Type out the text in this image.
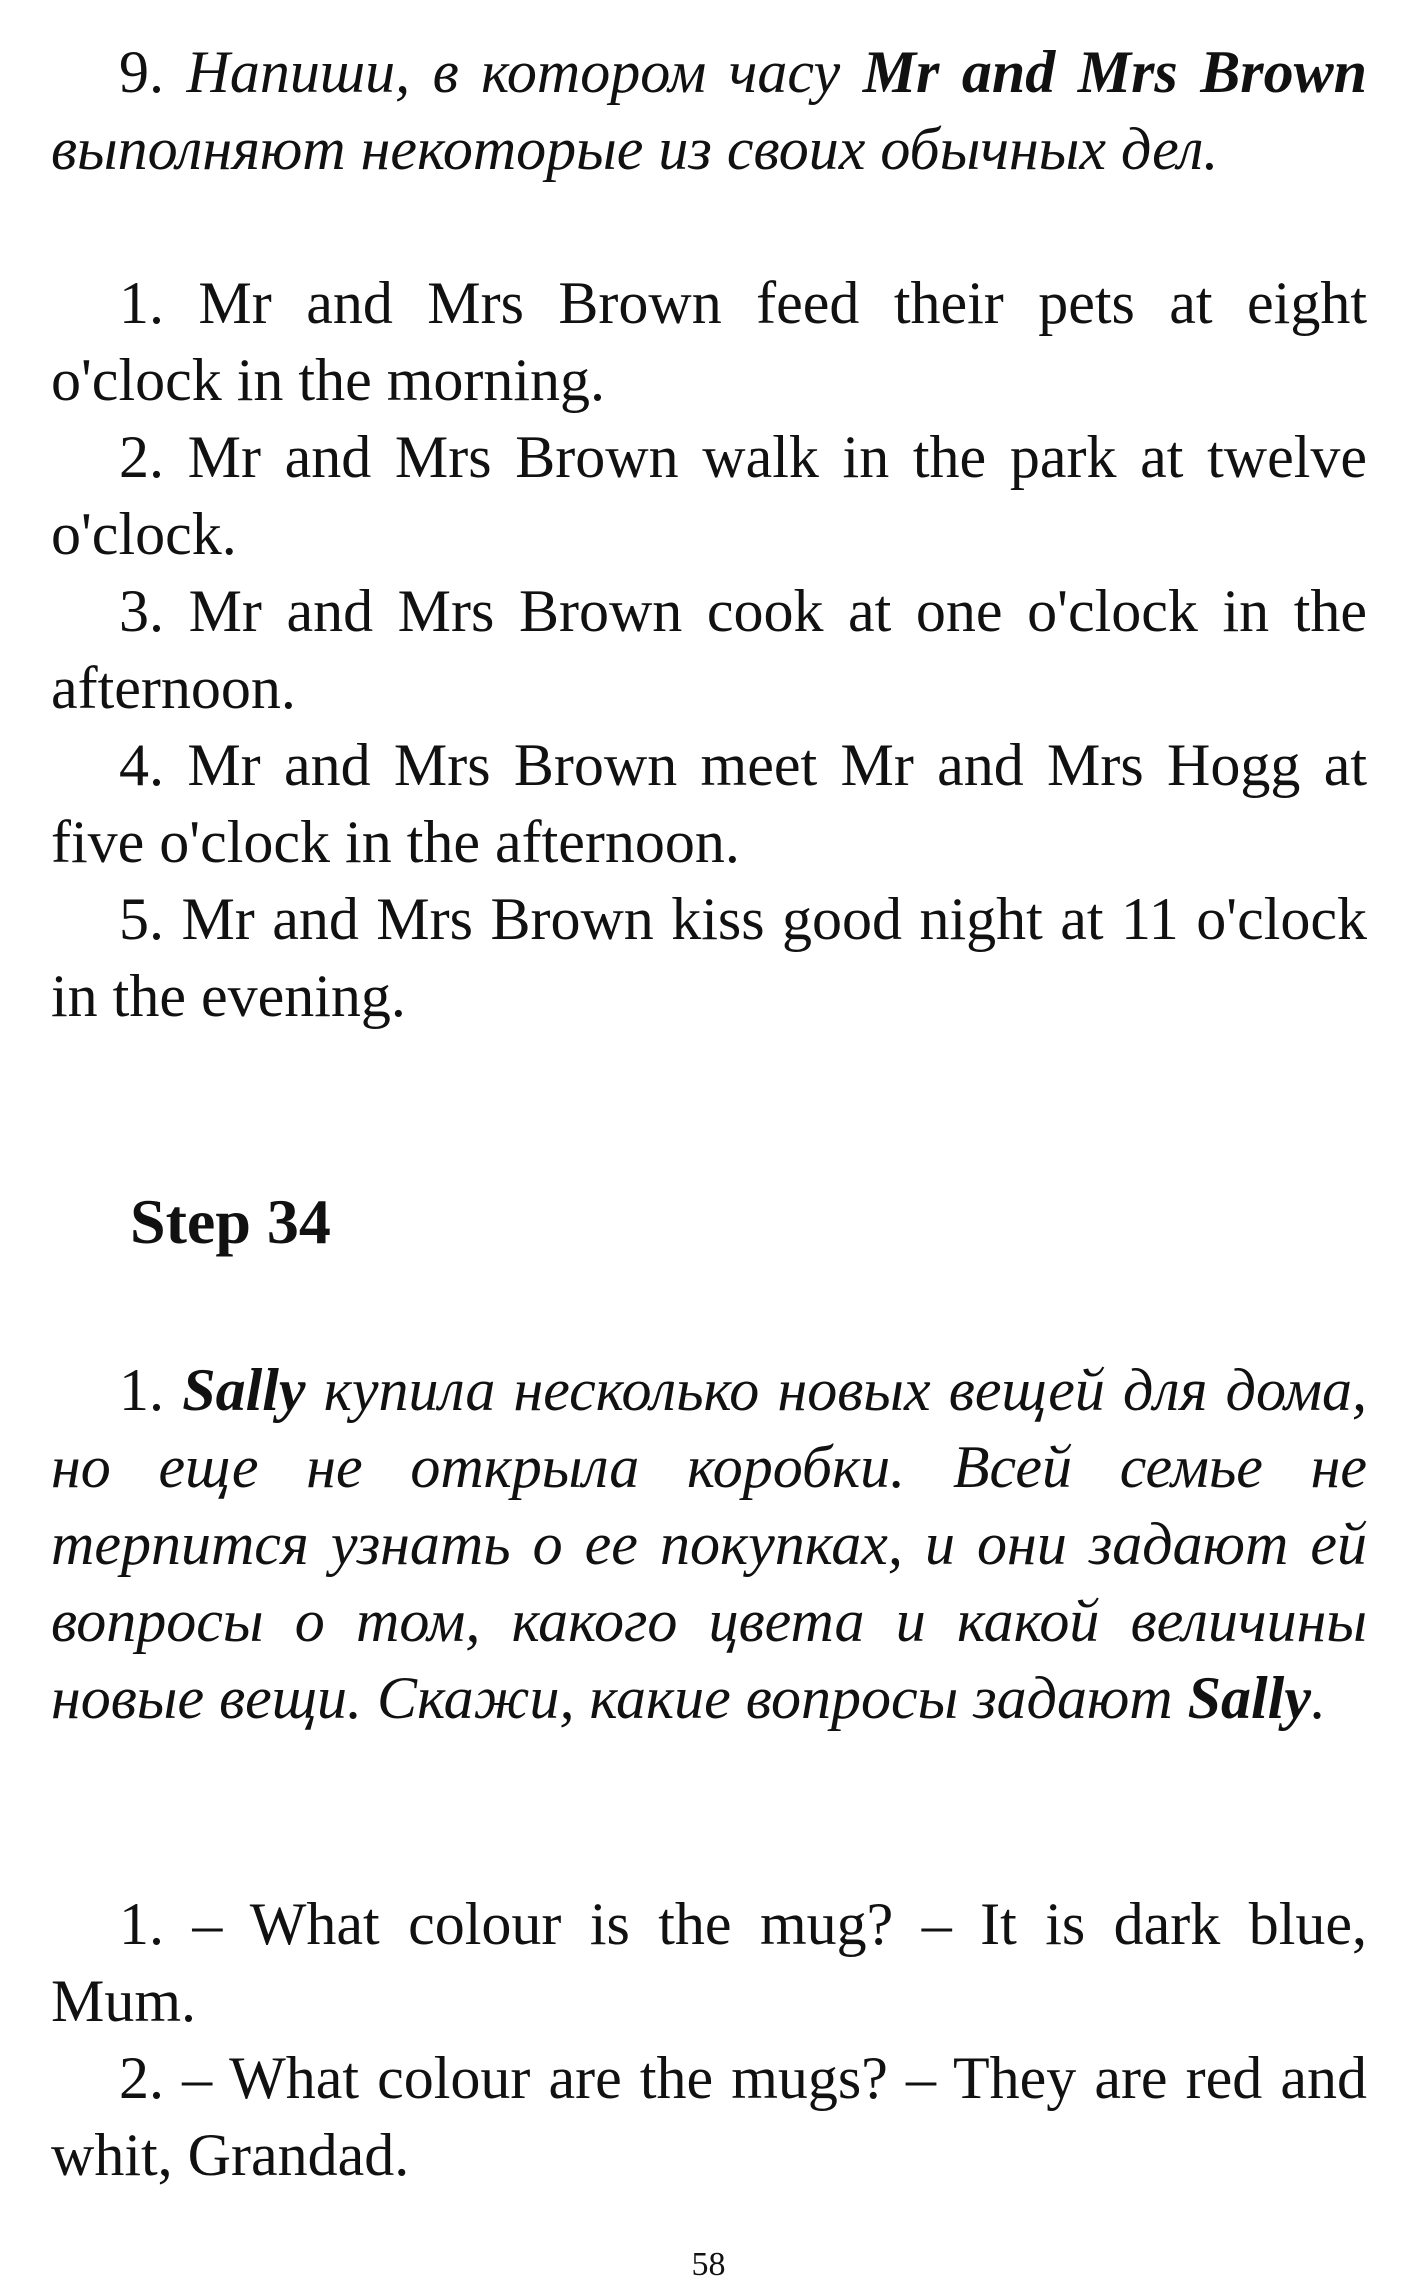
9. Напиши, в котором часу Mr and Mrs Brown выполняют некоторые из своих обычных дел.

1. Mr and Mrs Brown feed their pets at eight o'clock in the morning.

2. Mr and Mrs Brown walk in the park at twelve o'clock.

3. Mr and Mrs Brown cook at one o'clock in the afternoon.

4. Mr and Mrs Brown meet Mr and Mrs Hogg at five o'clock in the afternoon.

5. Mr and Mrs Brown kiss good night at 11 o'clock in the evening.

Step 34

1. Sally купила несколько новых вещей для дома, но еще не открыла коробки. Всей семье не терпится узнать о ее покупках, и они задают ей вопросы о том, какого цвета и какой величины новые вещи. Скажи, какие вопросы задают Sally.

1. – What colour is the mug? – It is dark blue, Mum.

2. – What colour are the mugs? – They are red and whit, Grandad.

58
